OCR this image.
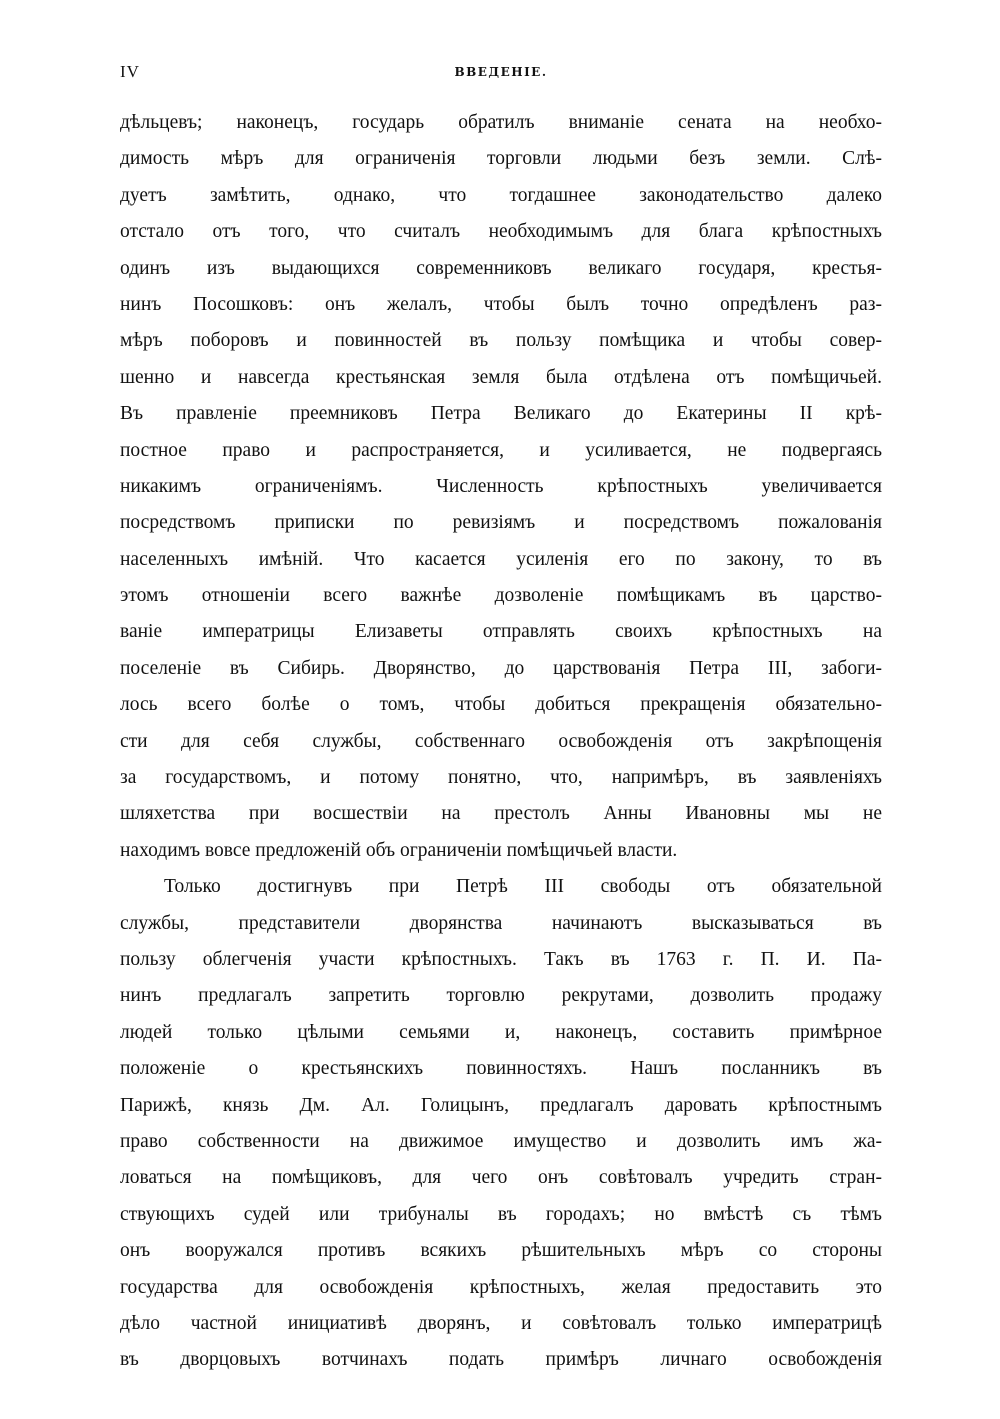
IV	ВВЕДЕНІЕ.
дѣльцевъ; наконецъ, государь обратилъ вниманіе сената на необхо-
димость мѣръ для ограниченія торговли людьми безъ земли. Слѣ-
дуетъ замѣтить, однако, что тогдашнее законодательство далеко
отстало отъ того, что считалъ необходимымъ для блага крѣпостныхъ
одинъ изъ выдающихся современниковъ великаго государя, крестья-
нинъ Посошковъ: онъ желалъ, чтобы былъ точно опредѣленъ раз-
мѣръ поборовъ и повинностей въ пользу помѣщика и чтобы совер-
шенно и навсегда крестьянская земля была отдѣлена отъ помѣщичьей.
Въ правленіе преемниковъ Петра Великаго до Екатерины II крѣ-
постное право и распространяется, и усиливается, не подвергаясь
никакимъ ограниченіямъ. Численность крѣпостныхъ увеличивается
посредствомъ приписки по ревизіямъ и посредствомъ пожалованія
населенныхъ имѣній. Что касается усиленія его по закону, то въ
этомъ отношеніи всего важнѣе дозволеніе помѣщикамъ въ царство-
ваніе императрицы Елизаветы отправлять своихъ крѣпостныхъ на
поселеніе въ Сибирь. Дворянство, до царствованія Петра III, забоги-
лось всего болѣе о томъ, чтобы добиться прекращенія обязательно-
сти для себя службы, собственнаго освобожденія отъ закрѣпощенія
за государствомъ, и потому понятно, что, напримѣръ, въ заявленіяхъ
шляхетства при восшествіи на престолъ Анны Ивановны мы не
находимъ вовсе предложеній объ ограниченіи помѣщичьей власти.
Только достигнувъ при Петрѣ III свободы отъ обязательной
службы, представители дворянства начинаютъ высказываться въ
пользу облегченія участи крѣпостныхъ. Такъ въ 1763 г. П. И. Па-
нинъ предлагалъ запретить торговлю рекрутами, дозволить продажу
людей только цѣлыми семьями и, наконецъ, составить примѣрное
положеніе о крестьянскихъ повинностяхъ. Нашъ посланникъ въ
Парижѣ, князь Дм. Ал. Голицынъ, предлагалъ даровать крѣпостнымъ
право собственности на движимое имущество и дозволить имъ жа-
ловаться на помѣщиковъ, для чего онъ совѣтовалъ учредить стран-
ствующихъ судей или трибуналы въ городахъ; но вмѣстѣ съ тѣмъ
онъ вооружался противъ всякихъ рѣшительныхъ мѣръ со стороны
государства для освобожденія крѣпостныхъ, желая предоставить это
дѣло частной инициативѣ дворянъ, и совѣтовалъ только императрицѣ
въ дворцовыхъ вотчинахъ подать примѣръ личнаго освобожденія
